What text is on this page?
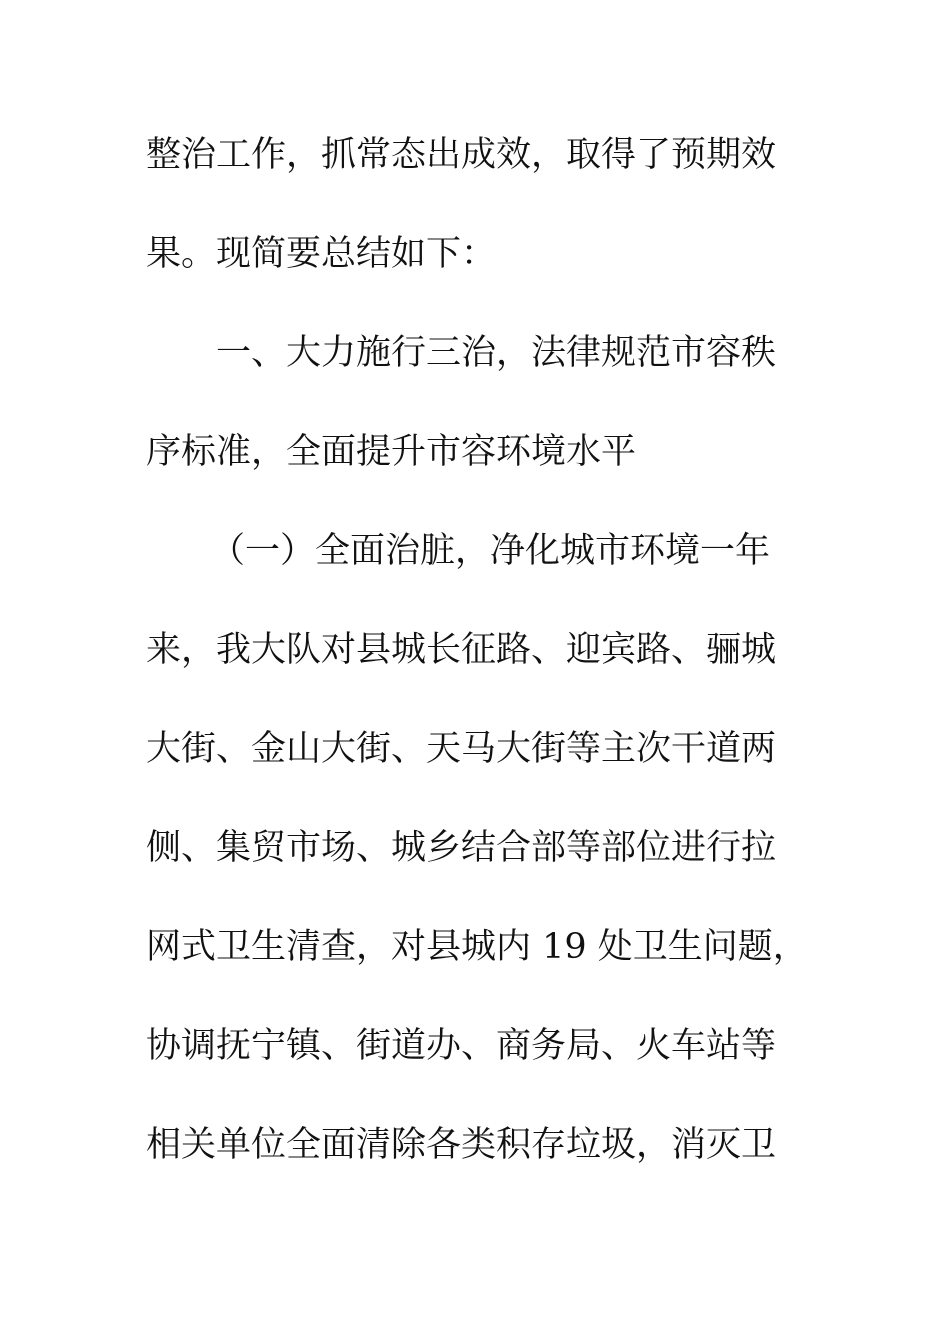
整治工作，抓常态出成效，取得了预期效
果。现简要总结如下：
一、大力施行三治，法律规范市容秩
序标准，全面提升市容环境水平
（一）全面治脏，净化城市环境一年
来，我大队对县城长征路、迎宾路、骊城
大街、金山大街、天马大街等主次干道两
侧、集贸市场、城乡结合部等部位进行拉
网式卫生清查，对县城内 19 处卫生问题，
协调抚宁镇、街道办、商务局、火车站等
相关单位全面清除各类积存垃圾，消灭卫
